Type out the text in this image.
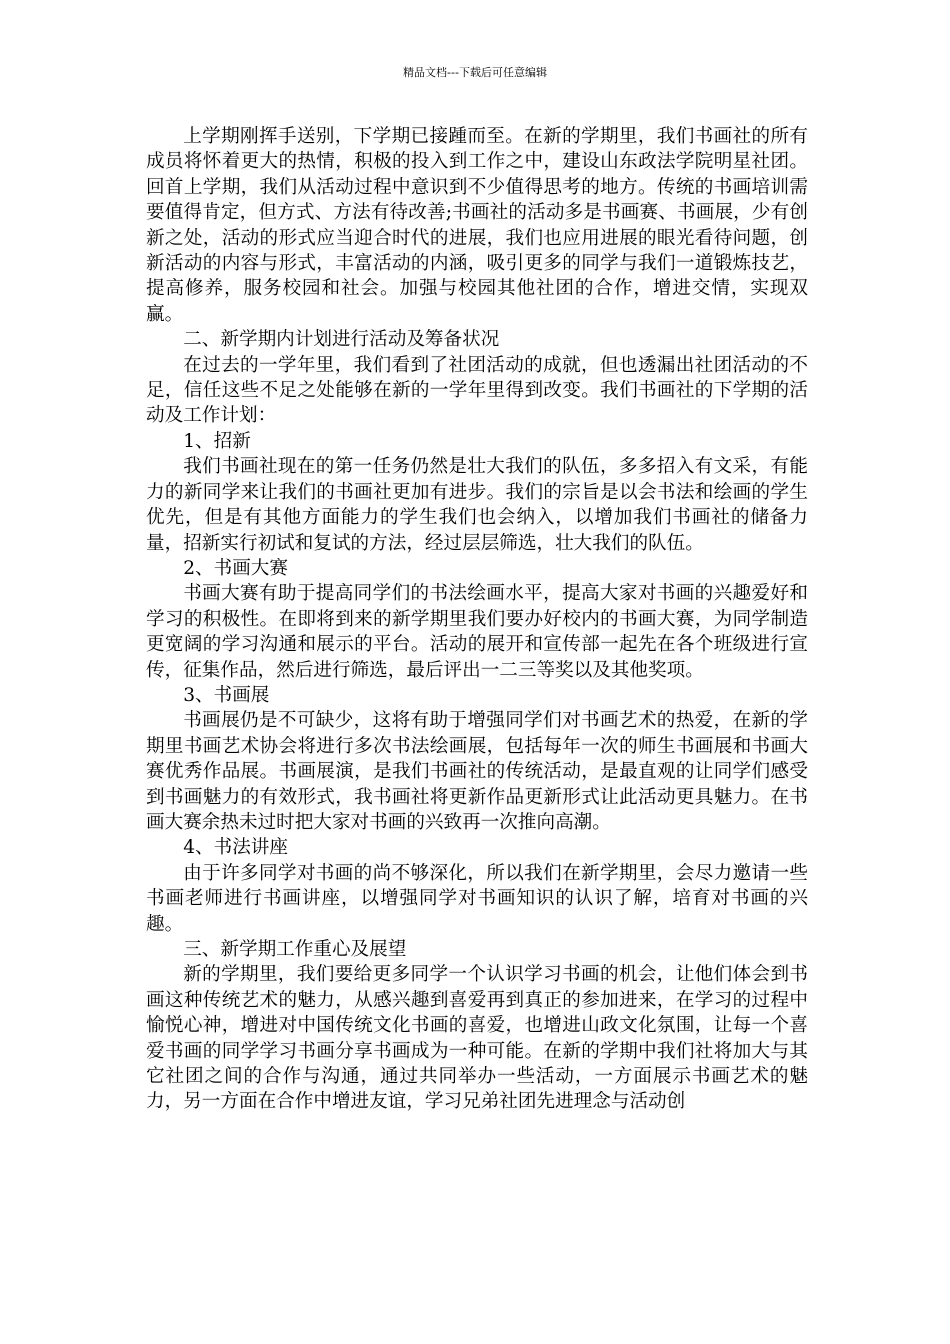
精品文档---下载后可任意编辑

上学期刚挥手送别，下学期已接踵而至。在新的学期里，我们书画社的所有成员将怀着更大的热情，积极的投入到工作之中，建设山东政法学院明星社团。回首上学期，我们从活动过程中意识到不少值得思考的地方。传统的书画培训需要值得肯定，但方式、方法有待改善;书画社的活动多是书画赛、书画展，少有创新之处，活动的形式应当迎合时代的进展，我们也应用进展的眼光看待问题，创新活动的内容与形式，丰富活动的内涵，吸引更多的同学与我们一道锻炼技艺，提高修养，服务校园和社会。加强与校园其他社团的合作，增进交情，实现双赢。

二、新学期内计划进行活动及筹备状况

在过去的一学年里，我们看到了社团活动的成就，但也透漏出社团活动的不足，信任这些不足之处能够在新的一学年里得到改变。我们书画社的下学期的活动及工作计划：

1、招新

我们书画社现在的第一任务仍然是壮大我们的队伍，多多招入有文采，有能力的新同学来让我们的书画社更加有进步。我们的宗旨是以会书法和绘画的学生优先，但是有其他方面能力的学生我们也会纳入，以增加我们书画社的储备力量，招新实行初试和复试的方法，经过层层筛选，壮大我们的队伍。

2、书画大赛

书画大赛有助于提高同学们的书法绘画水平，提高大家对书画的兴趣爱好和学习的积极性。在即将到来的新学期里我们要办好校内的书画大赛，为同学制造更宽阔的学习沟通和展示的平台。活动的展开和宣传部一起先在各个班级进行宣传，征集作品，然后进行筛选，最后评出一二三等奖以及其他奖项。

3、书画展

书画展仍是不可缺少，这将有助于增强同学们对书画艺术的热爱，在新的学期里书画艺术协会将进行多次书法绘画展，包括每年一次的师生书画展和书画大赛优秀作品展。书画展演，是我们书画社的传统活动，是最直观的让同学们感受到书画魅力的有效形式，我书画社将更新作品更新形式让此活动更具魅力。在书画大赛余热未过时把大家对书画的兴致再一次推向高潮。

4、书法讲座

由于许多同学对书画的尚不够深化，所以我们在新学期里，会尽力邀请一些书画老师进行书画讲座，以增强同学对书画知识的认识了解，培育对书画的兴趣。

三、新学期工作重心及展望

新的学期里，我们要给更多同学一个认识学习书画的机会，让他们体会到书画这种传统艺术的魅力，从感兴趣到喜爱再到真正的参加进来，在学习的过程中愉悦心神，增进对中国传统文化书画的喜爱，也增进山政文化氛围，让每一个喜爱书画的同学学习书画分享书画成为一种可能。在新的学期中我们社将加大与其它社团之间的合作与沟通，通过共同举办一些活动，一方面展示书画艺术的魅力，另一方面在合作中增进友谊，学习兄弟社团先进理念与活动创
